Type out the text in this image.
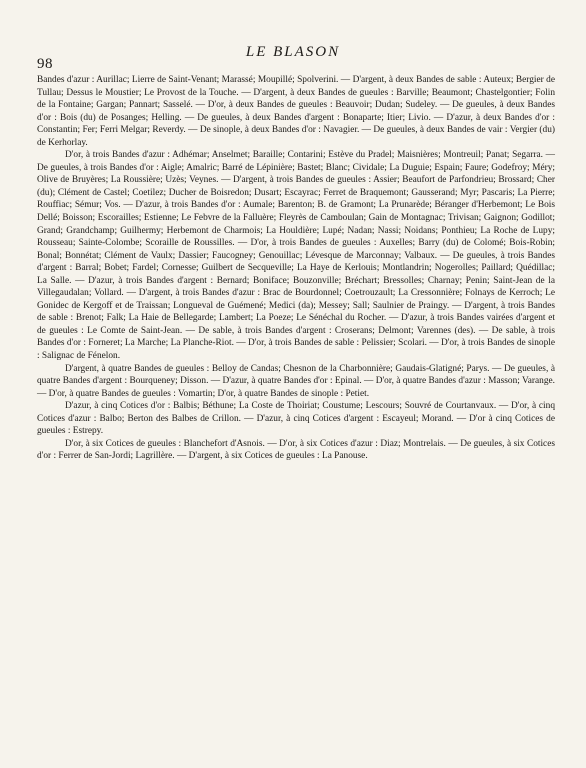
98
LE BLASON

Bandes d'azur : Aurillac; Lierre de Saint-Venant; Marassé; Moupillé; Spolverini. — D'argent, à deux Bandes de sable : Auteux; Bergier de Tullau; Dessus le Moustier; Le Provost de la Touche. — D'argent, à deux Bandes de gueules : Barville; Beaumont; Chastelgontier; Folin de la Fontaine; Gargan; Pannart; Sasselé. — D'or, à deux Bandes de gueules : Beauvoir; Dudan; Sudeley. — De gueules, à deux Bandes d'or : Bois (du) de Posanges; Helling. — De gueules, à deux Bandes d'argent : Bonaparte; Itier; Livio. — D'azur, à deux Bandes d'or : Constantin; Fer; Ferri Melgar; Reverdy. — De sinople, à deux Bandes d'or : Navagier. — De gueules, à deux Bandes de vair : Vergier (du) de Kerhorlay.

D'or, à trois Bandes d'azur : Adhémar; Anselmet; Baraille; Contarini; Estève du Pradel; Maisnières; Montreuil; Panat; Segarra. — De gueules, à trois Bandes d'or : Aigle; Amalric; Barré de Lépinière; Bastet; Blanc; Cividale; La Duguie; Espain; Faure; Godefroy; Méry; Olive de Bruyères; La Roussière; Uzès; Veynes. — D'argent, à trois Bandes de gueules : Assier; Beaufort de Parfondrieu; Brossard; Cher (du); Clément de Castel; Coetilez; Ducher de Boisredon; Dusart; Escayrac; Ferret de Braquemont; Gausserand; Myr; Pascaris; La Pierre; Rouffiac; Sémur; Vos. — D'azur, à trois Bandes d'or : Aumale; Barenton; B. de Gramont; La Prunarède; Béranger d'Herbemont; Le Bois Dellé; Boisson; Escorailles; Estienne; Le Febvre de la Falluère; Fleyrès de Camboulan; Gain de Montagnac; Trivisan; Gaignon; Godillot; Grand; Grandchamp; Guilhermy; Herbemont de Charmois; La Houldière; Lupé; Nadan; Nassi; Noidans; Ponthieu; La Roche de Lupy; Rousseau; Sainte-Colombe; Scoraille de Roussilles. — D'or, à trois Bandes de gueules : Auxelles; Barry (du) de Colomé; Bois-Robin; Bonal; Bonnétat; Clément de Vaulx; Dassier; Faucogney; Genouillac; Lévesque de Marconnay; Valbaux. — De gueules, à trois Bandes d'argent : Barral; Bobet; Fardel; Cornesse; Guilbert de Secqueville; La Haye de Kerlouis; Montlandrin; Nogerolles; Paillard; Quédillac; La Salle. — D'azur, à trois Bandes d'argent : Bernard; Boniface; Bouzonville; Bréchart; Bressolles; Charnay; Penin; Saint-Jean de la Villegaudalan; Vollard. — D'argent, à trois Bandes d'azur : Brac de Bourdonnel; Coetrouzault; La Cressonnière; Folnays de Kerroch; Le Gonidec de Kergoff et de Traissan; Longueval de Guémené; Medici (da); Messey; Sall; Saulnier de Praingy. — D'argent, à trois Bandes de sable : Brenot; Falk; La Haie de Bellegarde; Lambert; La Poeze; Le Sénéchal du Rocher. — D'azur, à trois Bandes vairées d'argent et de gueules : Le Comte de Saint-Jean. — De sable, à trois Bandes d'argent : Croserans; Delmont; Varennes (des). — De sable, à trois Bandes d'or : Forneret; La Marche; La Planche-Riot. — D'or, à trois Bandes de sable : Pelissier; Scolari. — D'or, à trois Bandes de sinople : Salignac de Fénelon.

D'argent, à quatre Bandes de gueules : Belloy de Candas; Chesnon de la Charbonnière; Gaudais-Glatigné; Parys. — De gueules, à quatre Bandes d'argent : Bourqueney; Disson. — D'azur, à quatre Bandes d'or : Epinal. — D'or, à quatre Bandes d'azur : Masson; Varange. — D'or, à quatre Bandes de gueules : Vomartin; D'or, à quatre Bandes de sinople : Petiet.

D'azur, à cinq Cotices d'or : Balbis; Béthune; La Coste de Thoiriat; Coustume; Lescours; Souvré de Courtanvaux. — D'or, à cinq Cotices d'azur : Balbo; Berton des Balbes de Crillon. — D'azur, à cinq Cotices d'argent : Escayeul; Morand. — D'or à cinq Cotices de gueules : Estrepy.

D'or, à six Cotices de gueules : Blanchefort d'Asnois. — D'or, à six Cotices d'azur : Diaz; Montrelais. — De gueules, à six Cotices d'or : Ferrer de San-Jordi; Lagrillère. — D'argent, à six Cotices de gueules : La Panouse.
